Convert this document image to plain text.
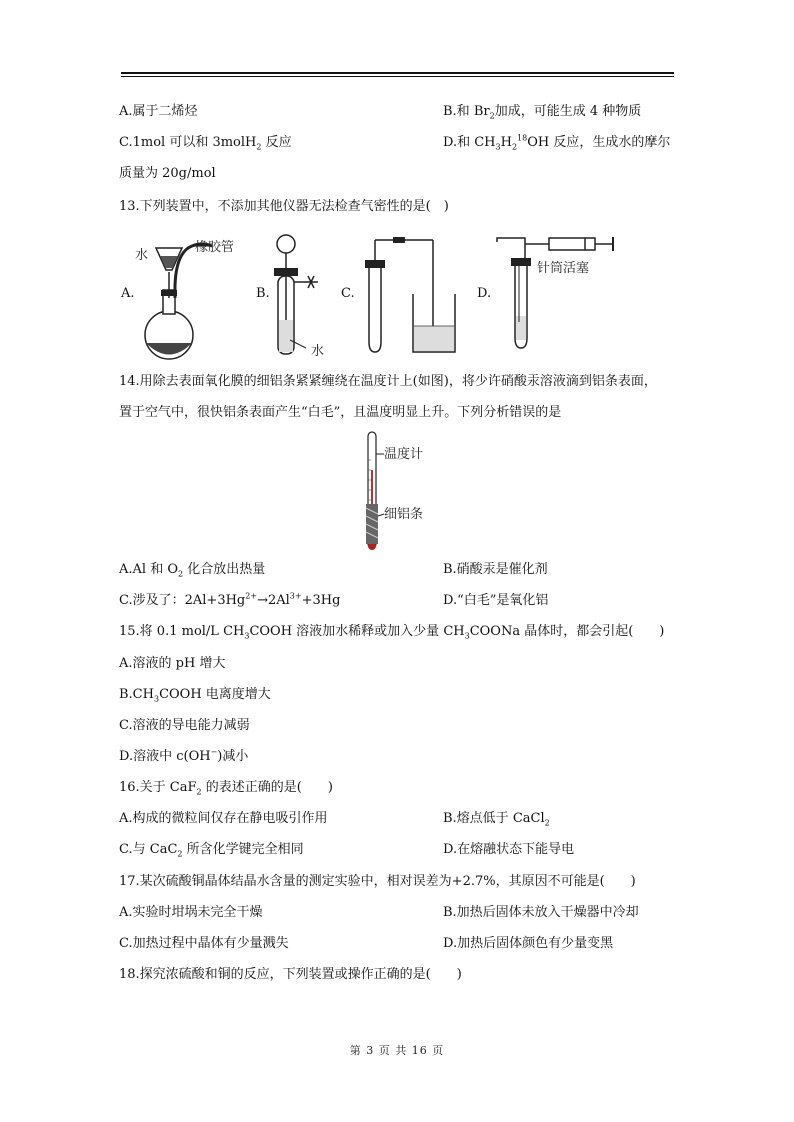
A.属于二烯烃	B.和 $Br_2$加成，可能生成 4 种物质
C.1mol 可以和 3molH$_2$ 反应	D.和 $CH_3H_2^{18}OH$ 反应，生成水的摩尔
质量为 20g/mol
13.下列装置中，不添加其他仪器无法检查气密性的是(　)
A.	B.	C.	D.
水
橡胶管
水
针筒活塞
14.用除去表面氧化膜的细铝条紧紧缠绕在温度计上(如图)，将少许硝酸汞溶液滴到铝条表面，
置于空气中，很快铝条表面产生“白毛”，且温度明显上升。下列分析错误的是
温度计
细铝条
A.Al 和 $O_2$ 化合放出热量	B.硝酸汞是催化剂
C.涉及了：$2Al+3Hg^{2+}\to 2Al^{3+}+3Hg$	D.“白毛”是氧化铝
15.将 0.1 mol/L $CH_3COOH$ 溶液加水稀释或加入少量 $CH_3COONa$ 晶体时，都会引起(　　)
A.溶液的 pH 增大
$B.CH_3COOH$ 电离度增大
C.溶液的导电能力减弱
D.溶液中 c(OH−)减小
16.关于 CaF$_2$ 的表述正确的是(　　)
A.构成的微粒间仅存在静电吸引作用	B.熔点低于 CaCl$_2$
C.与 CaC$_2$ 所含化学键完全相同	D.在熔融状态下能导电
17.某次硫酸铜晶体结晶水含量的测定实验中，相对误差为+2.7%，其原因不可能是(　　)
A.实验时坩埚未完全干燥	B.加热后固体未放入干燥器中冷却
C.加热过程中晶体有少量溅失	D.加热后固体颜色有少量变黑
18.探究浓硫酸和铜的反应，下列装置或操作正确的是(　　)
第 3 页 共 16 页
